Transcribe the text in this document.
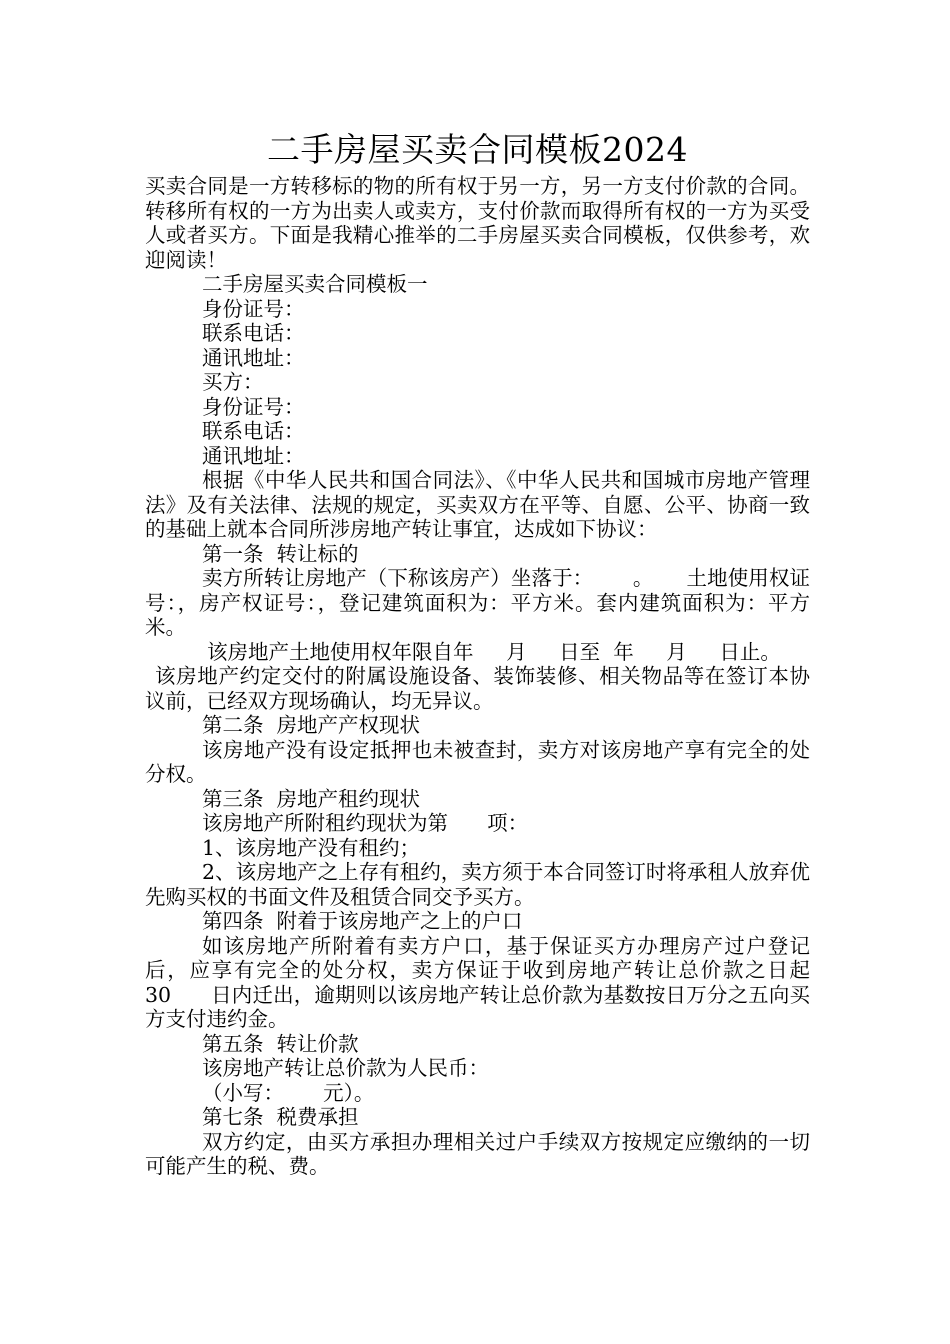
二手房屋买卖合同模板2024

买卖合同是一方转移标的物的所有权于另一方，另一方支付价款的合同。转移所有权的一方为出卖人或卖方，支付价款而取得所有权的一方为买受人或者买方。下面是我精心推举的二手房屋买卖合同模板，仅供参考，欢迎阅读！

二手房屋买卖合同模板一

身份证号：

联系电话：

通讯地址：

买方：

身份证号：

联系电话：

通讯地址：

根据《中华人民共和国合同法》、《中华人民共和国城市房地产管理法》及有关法律、法规的规定，买卖双方在平等、自愿、公平、协商一致的基础上就本合同所涉房地产转让事宜，达成如下协议：

第一条  转让标的

卖方所转让房地产（下称该房产）坐落于：      。     土地使用权证号：，房产权证号：，登记建筑面积为：平方米。套内建筑面积为：平方米。

该房地产土地使用权年限自年     月     日至  年     月     日止。

该房地产约定交付的附属设施设备、装饰装修、相关物品等在签订本协议前，已经双方现场确认，均无异议。

第二条  房地产产权现状

该房地产没有设定抵押也未被查封，卖方对该房地产享有完全的处分权。

第三条  房地产租约现状

该房地产所附租约现状为第      项：

1、该房地产没有租约；

2、该房地产之上存有租约，卖方须于本合同签订时将承租人放弃优先购买权的书面文件及租赁合同交予买方。

第四条  附着于该房地产之上的户口

如该房地产所附着有卖方户口，基于保证买方办理房产过户登记后，应享有完全的处分权，卖方保证于收到房地产转让总价款之日起      30      日内迁出，逾期则以该房地产转让总价款为基数按日万分之五向买方支付违约金。

第五条  转让价款

该房地产转让总价款为人民币：

（小写：      元）。

第七条  税费承担

双方约定，由买方承担办理相关过户手续双方按规定应缴纳的一切可能产生的税、费。
